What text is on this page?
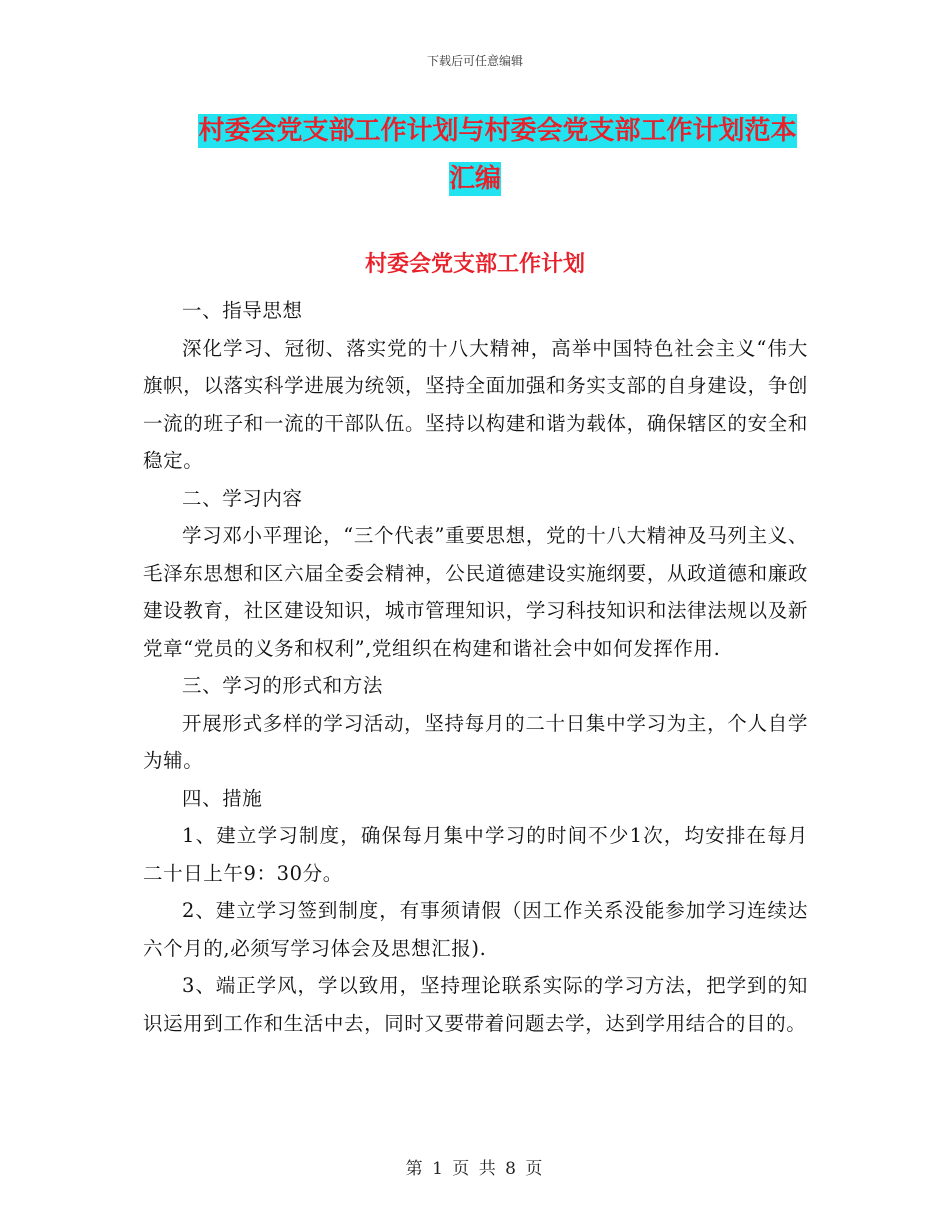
下载后可任意编辑
村委会党支部工作计划与村委会党支部工作计划范本
汇编
村委会党支部工作计划

一、指导思想

深化学习、冠彻、落实党的十八大精神，高举中国特色社会主义“伟大旗帜，以落实科学进展为统领，坚持全面加强和务实支部的自身建设，争创一流的班子和一流的干部队伍。坚持以构建和谐为载体，确保辖区的安全和稳定。

二、学习内容

学习邓小平理论，“三个代表”重要思想，党的十八大精神及马列主义、毛泽东思想和区六届全委会精神，公民道德建设实施纲要，从政道德和廉政建设教育，社区建设知识，城市管理知识，学习科技知识和法律法规以及新党章“党员的义务和权利”,党组织在构建和谐社会中如何发挥作用.

三、学习的形式和方法

开展形式多样的学习活动，坚持每月的二十日集中学习为主，个人自学为辅。

四、措施

1、建立学习制度，确保每月集中学习的时间不少1次，均安排在每月二十日上午9：30分。

2、建立学习签到制度，有事须请假（因工作关系没能参加学习连续达六个月的,必须写学习体会及思想汇报).

3、端正学风，学以致用，坚持理论联系实际的学习方法，把学到的知识运用到工作和生活中去，同时又要带着问题去学，达到学用结合的目的。

第 1 页 共 8 页
